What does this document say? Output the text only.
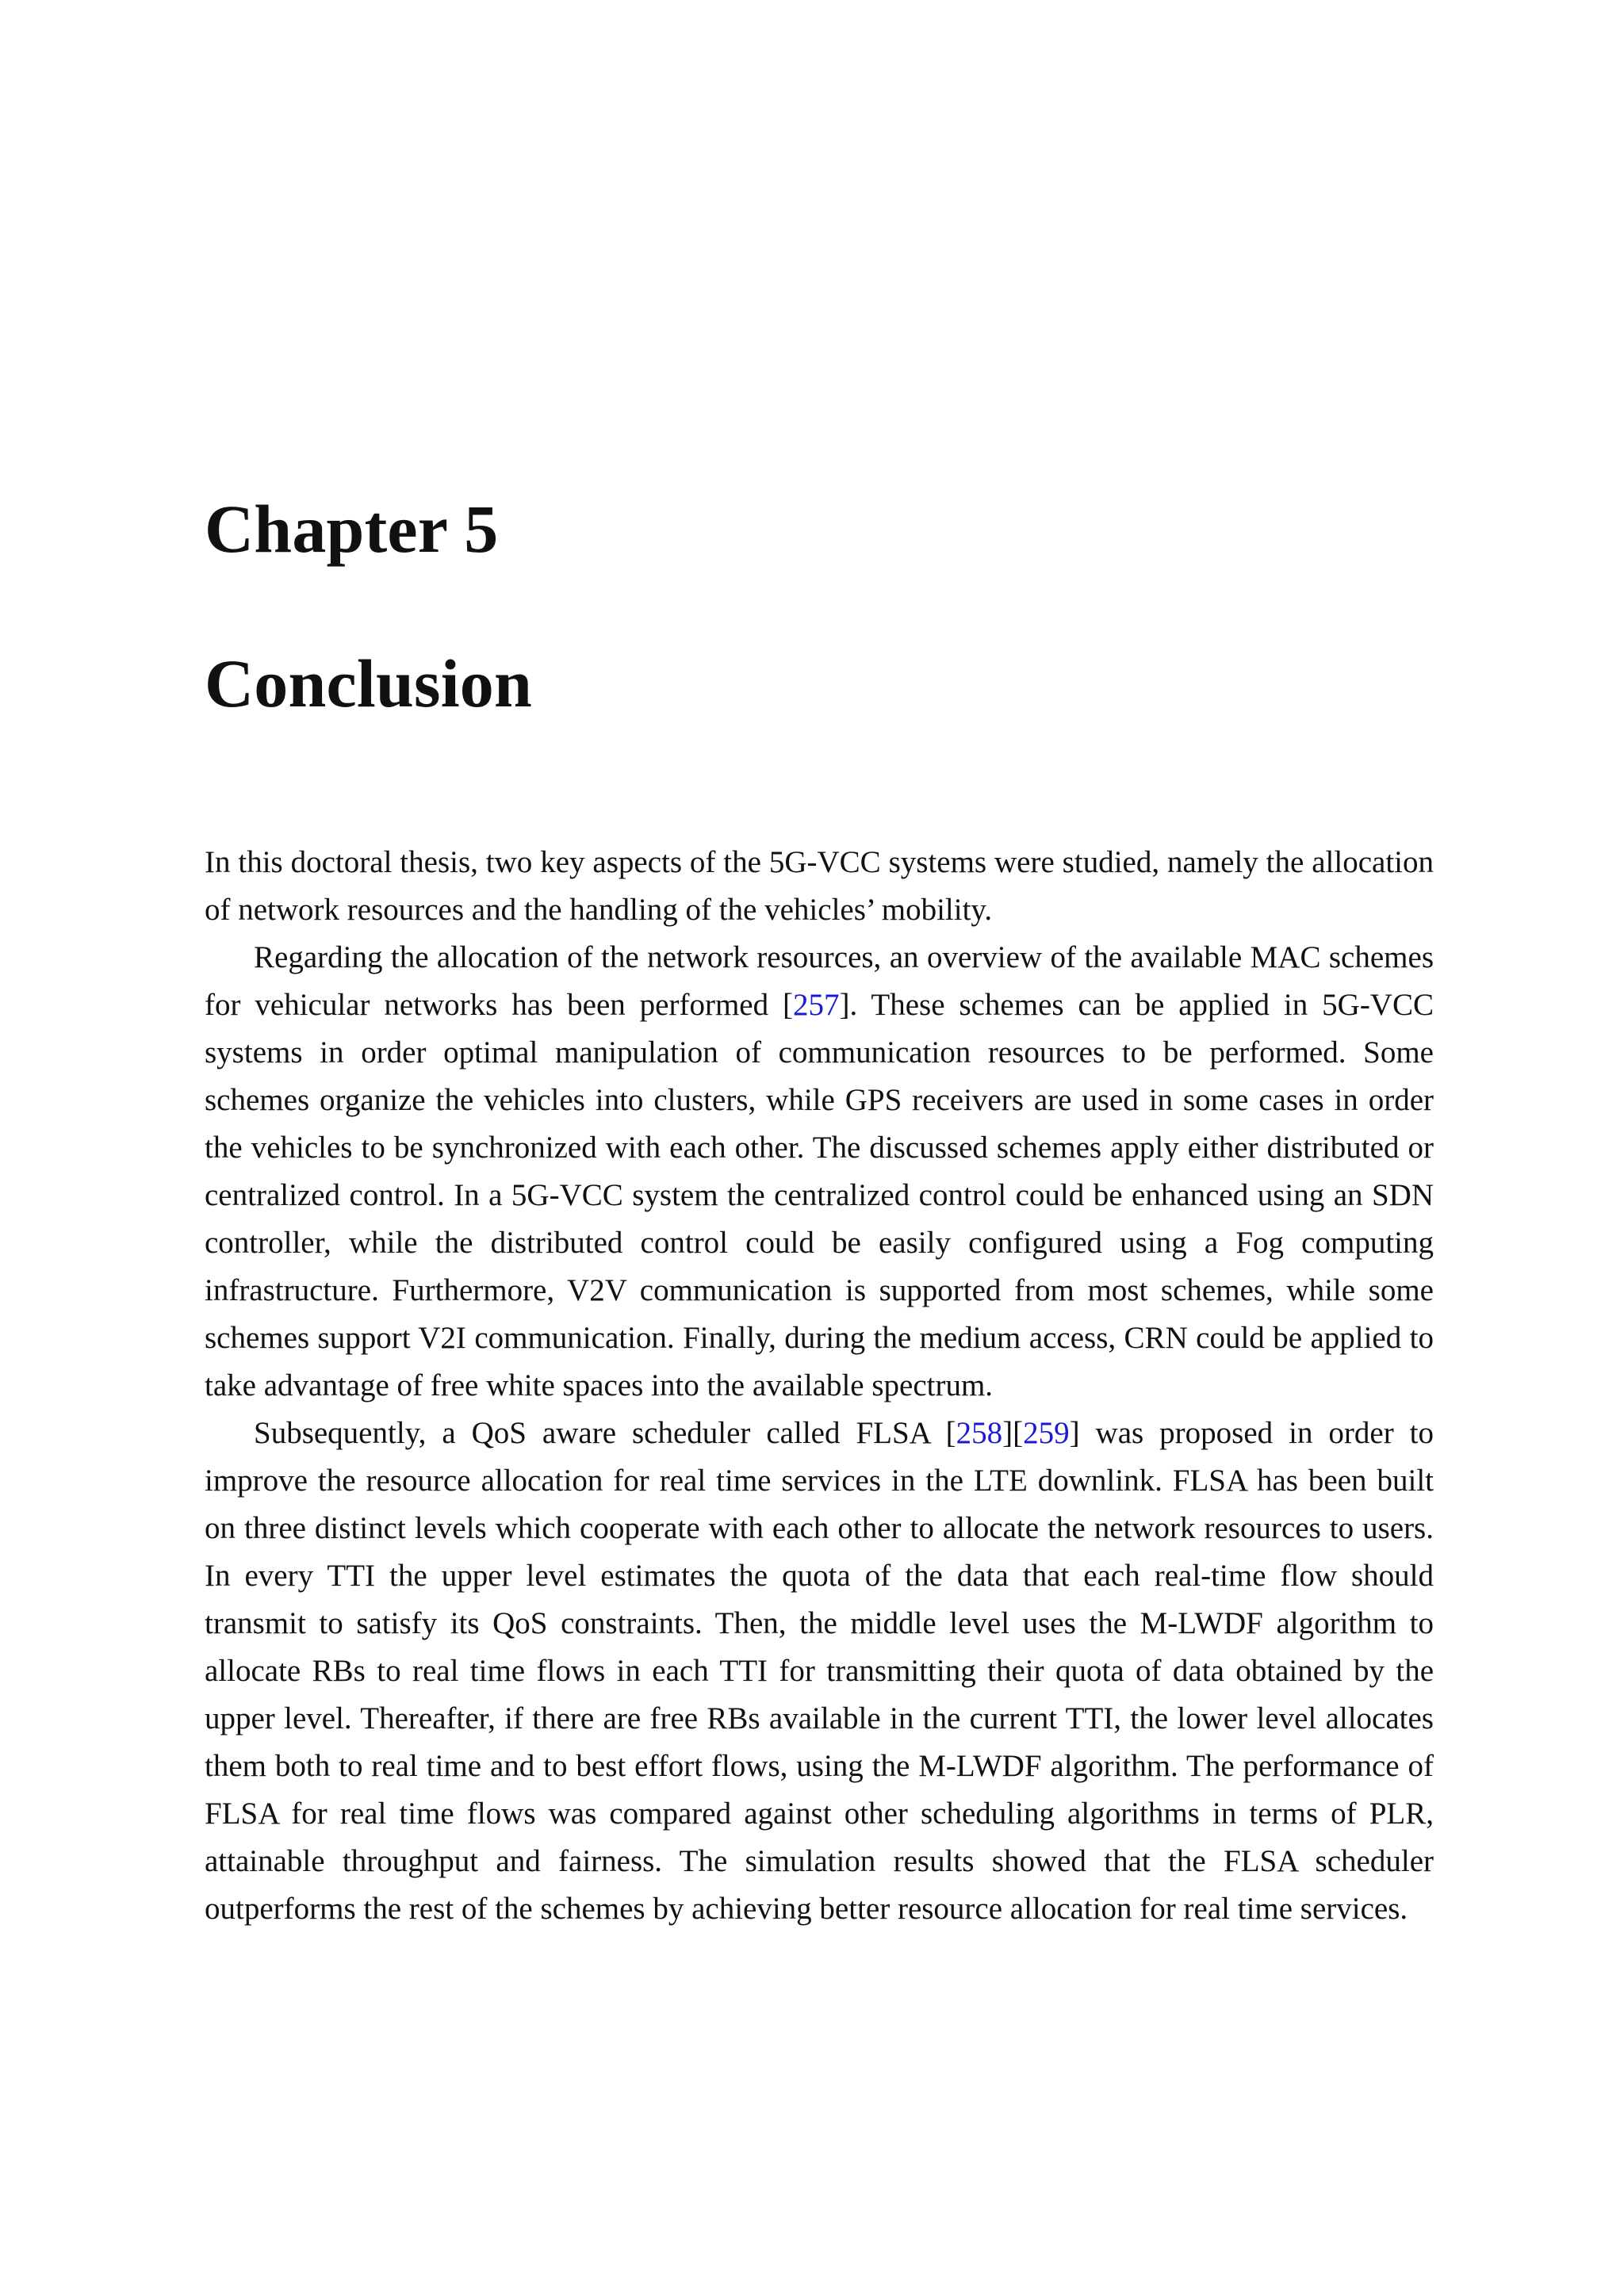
Chapter 5
Conclusion

In this doctoral thesis, two key aspects of the 5G-VCC systems were studied, namely the allocation of network resources and the handling of the vehicles’ mobility.

Regarding the allocation of the network resources, an overview of the available MAC schemes for vehicular networks has been performed [257]. These schemes can be applied in 5G-VCC systems in order optimal manipulation of communication resources to be performed. Some schemes organize the vehicles into clusters, while GPS receivers are used in some cases in order the vehicles to be synchronized with each other. The discussed schemes apply either distributed or centralized control. In a 5G-VCC system the centralized control could be enhanced using an SDN controller, while the distributed control could be easily configured using a Fog computing infrastructure. Furthermore, V2V communication is supported from most schemes, while some schemes support V2I communication. Finally, during the medium access, CRN could be applied to take advantage of free white spaces into the available spectrum.

Subsequently, a QoS aware scheduler called FLSA [258][259] was proposed in order to improve the resource allocation for real time services in the LTE downlink. FLSA has been built on three distinct levels which cooperate with each other to allocate the network resources to users. In every TTI the upper level estimates the quota of the data that each real-time flow should transmit to satisfy its QoS constraints. Then, the middle level uses the M-LWDF algorithm to allocate RBs to real time flows in each TTI for transmitting their quota of data obtained by the upper level. Thereafter, if there are free RBs available in the current TTI, the lower level allocates them both to real time and to best effort flows, using the M-LWDF algorithm. The performance of FLSA for real time flows was compared against other scheduling algorithms in terms of PLR, attainable throughput and fairness. The simulation results showed that the FLSA scheduler outperforms the rest of the schemes by achieving better resource allocation for real time services.
